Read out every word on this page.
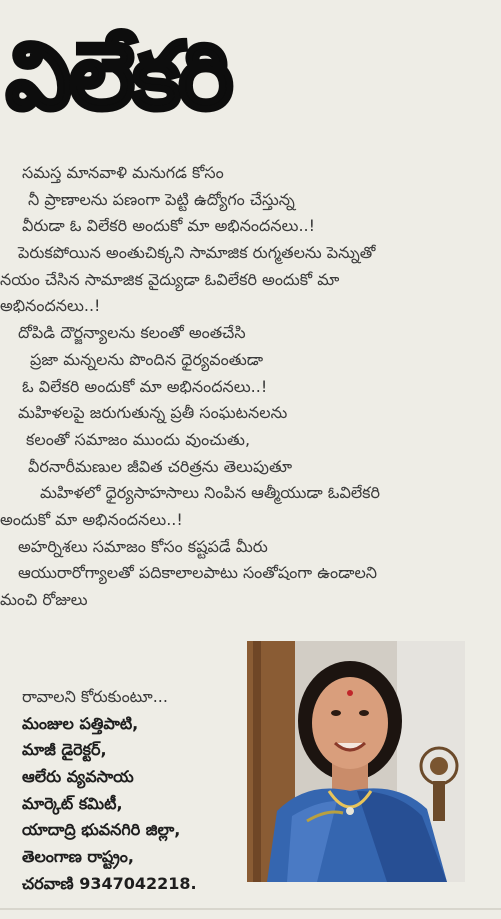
విలేకరి
సమస్త మానవాళి మనుగడ కోసం
నీ ప్రాణాలను పణంగా పెట్టి ఉద్యోగం చేస్తున్న
వీరుడా ఓ విలేకరి అందుకో మా అభినందనలు..!
పెరుకపోయిన అంతుచిక్కని సామాజిక రుగ్మతలను పెన్నుతో
నయం చేసిన సామాజిక వైద్యుడా ఓవిలేకరి అందుకో మా
అభినందనలు..!
దోపిడి దౌర్జన్యాలను కలంతో అంతచేసి
ప్రజా మన్నలను పొందిన ధైర్యవంతుడా
ఓ విలేకరి అందుకో మా అభినందనలు..!
మహిళలపై జరుగుతున్న ప్రతీ సంఘటనలను
కలంతో సమాజం ముందు వుంచుతు,
వీరనారీమణుల జీవిత చరిత్రను తెలుపుతూ
మహిళలో ధైర్యసాహసాలు నింపిన ఆత్మీయుడా ఓవిలేకరి
అందుకో మా అభినందనలు..!
అహర్నిశలు సమాజం కోసం కష్టపడే మీరు
ఆయురారోగ్యాలతో పదికాలాలపాటు సంతోషంగా ఉండాలని
మంచి రోజులు
రావాలని కోరుకుంటూ...
మంజుల పత్తిపాటి,
మాజీ డైరెక్టర్,
ఆలేరు వ్యవసాయ
మార్కెట్ కమిటీ,
యాదాద్రి భువనగిరి జిల్లా,
తెలంగాణ రాష్ట్రం,
చరవాణి 9347042218.
